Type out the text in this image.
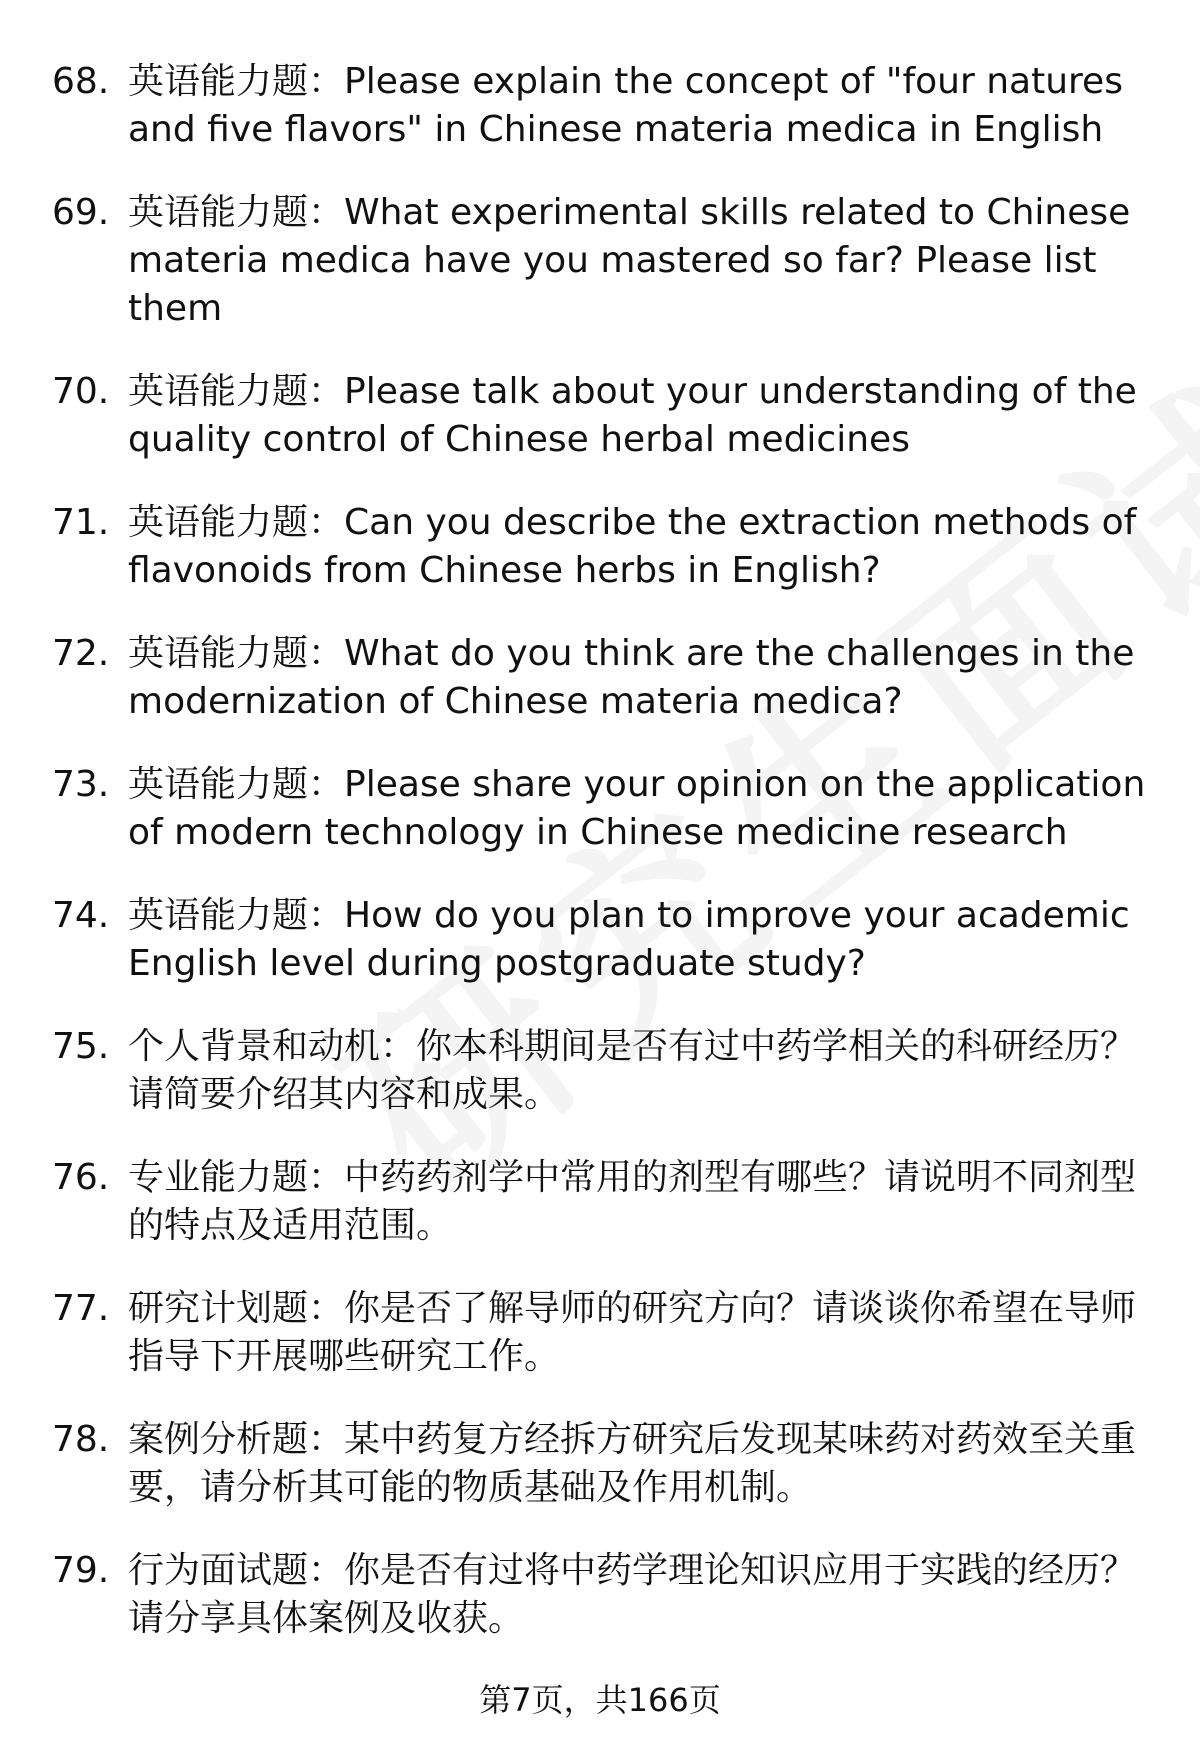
68. 英语能力题：Please explain the concept of "four natures and five flavors" in Chinese materia medica in English
69. 英语能力题：What experimental skills related to Chinese materia medica have you mastered so far? Please list them
70. 英语能力题：Please talk about your understanding of the quality control of Chinese herbal medicines
71. 英语能力题：Can you describe the extraction methods of flavonoids from Chinese herbs in English?
72. 英语能力题：What do you think are the challenges in the modernization of Chinese materia medica?
73. 英语能力题：Please share your opinion on the application of modern technology in Chinese medicine research
74. 英语能力题：How do you plan to improve your academic English level during postgraduate study?
75. 个人背景和动机：你本科期间是否有过中药学相关的科研经历？请简要介绍其内容和成果。
76. 专业能力题：中药药剂学中常用的剂型有哪些？请说明不同剂型的特点及适用范围。
77. 研究计划题：你是否了解导师的研究方向？请谈谈你希望在导师指导下开展哪些研究工作。
78. 案例分析题：某中药复方经拆方研究后发现某味药对药效至关重要，请分析其可能的物质基础及作用机制。
79. 行为面试题：你是否有过将中药学理论知识应用于实践的经历？请分享具体案例及收获。
第7页，共166页
